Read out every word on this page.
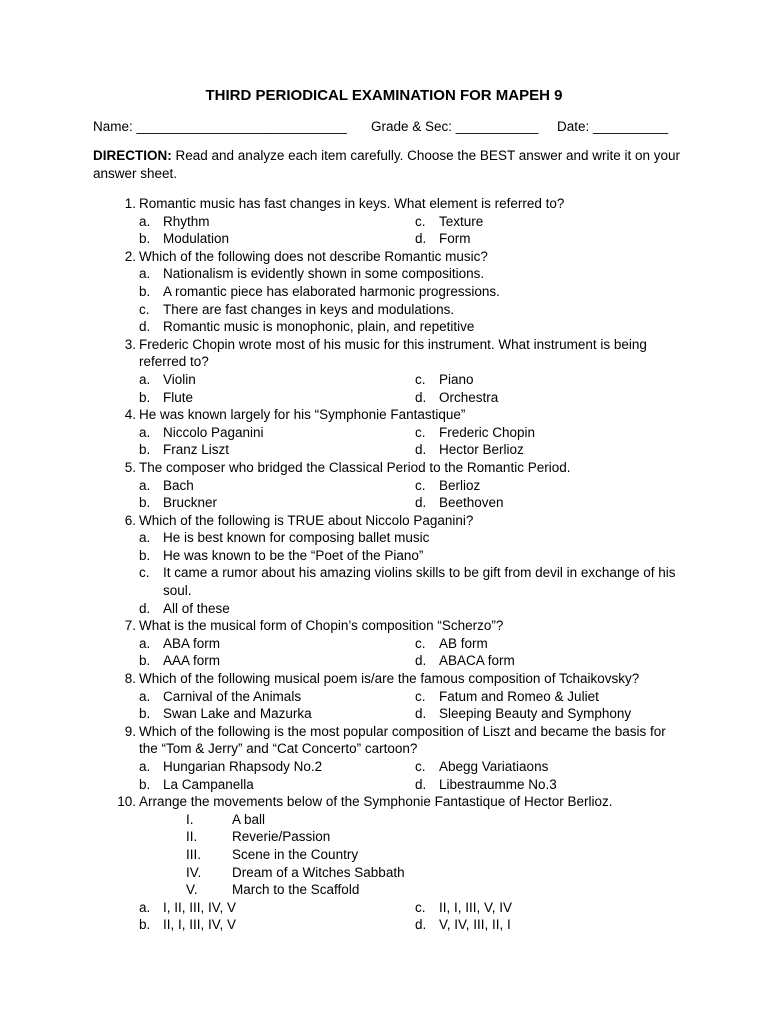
THIRD PERIODICAL EXAMINATION FOR MAPEH 9
Name: ____________________________ Grade & Sec: ___________ Date: __________
DIRECTION: Read and analyze each item carefully. Choose the BEST answer and write it on your answer sheet.
1. Romantic music has fast changes in keys. What element is referred to?
a. Rhythm	c. Texture
b. Modulation	d. Form
2. Which of the following does not describe Romantic music?
a. Nationalism is evidently shown in some compositions.
b. A romantic piece has elaborated harmonic progressions.
c. There are fast changes in keys and modulations.
d. Romantic music is monophonic, plain, and repetitive
3. Frederic Chopin wrote most of his music for this instrument. What instrument is being referred to?
a. Violin	c. Piano
b. Flute	d. Orchestra
4. He was known largely for his “Symphonie Fantastique”
a. Niccolo Paganini	c. Frederic Chopin
b. Franz Liszt	d. Hector Berlioz
5. The composer who bridged the Classical Period to the Romantic Period.
a. Bach	c. Berlioz
b. Bruckner	d. Beethoven
6. Which of the following is TRUE about Niccolo Paganini?
a. He is best known for composing ballet music
b. He was known to be the “Poet of the Piano”
c. It came a rumor about his amazing violins skills to be gift from devil in exchange of his soul.
d. All of these
7. What is the musical form of Chopin’s composition “Scherzo”?
a. ABA form	c. AB form
b. AAA form	d. ABACA form
8. Which of the following musical poem is/are the famous composition of Tchaikovsky?
a. Carnival of the Animals	c. Fatum and Romeo & Juliet
b. Swan Lake and Mazurka	d. Sleeping Beauty and Symphony
9. Which of the following is the most popular composition of Liszt and became the basis for the “Tom & Jerry” and “Cat Concerto” cartoon?
a. Hungarian Rhapsody No.2	c. Abegg Variatiaons
b. La Campanella	d. Libestraumme No.3
10. Arrange the movements below of the Symphonie Fantastique of Hector Berlioz.
I.	A ball
II.	Reverie/Passion
III. Scene in the Country
IV. Dream of a Witches Sabbath
V.	March to the Scaffold
a. I, II, III, IV, V	c. II, I, III, V, IV
b. II, I, III, IV, V	d. V, IV, III, II, I
